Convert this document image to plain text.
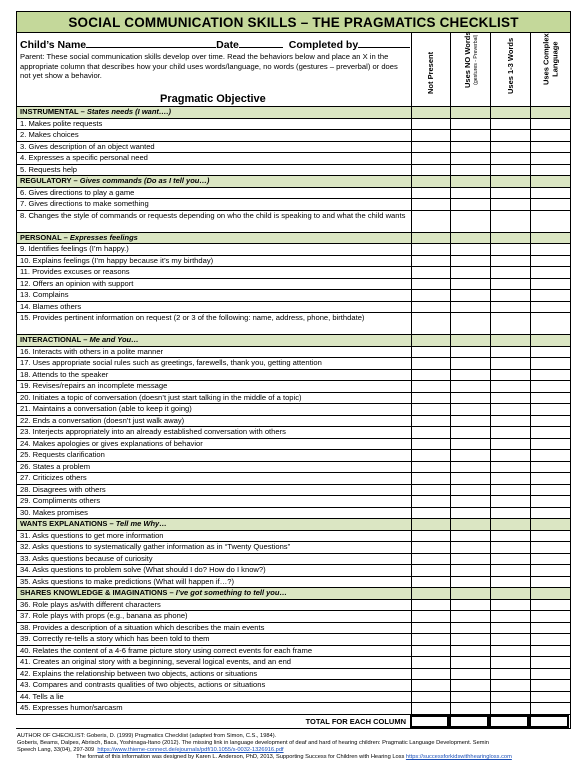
SOCIAL COMMUNICATION SKILLS – THE PRAGMATICS CHECKLIST
Child’s Name	Date	Completed by
Parent: These social communication skills develop over time. Read the behaviors below and place an X in the appropriate column that describes how your child uses words/language, no words (gestures – preverbal) or does not yet show a behavior.
Pragmatic Objective
Not Present	Uses NO Words (gestures - Preverbal)	Uses 1-3 Words	Uses Complex Language
INSTRUMENTAL – States needs (I want….)
1. Makes polite requests
2. Makes choices
3. Gives description of an object wanted
4. Expresses a specific personal need
5. Requests help
REGULATORY – Gives commands (Do as I tell you…)
6. Gives directions to play a game
7. Gives directions to make something
8. Changes the style of commands or requests depending on who the child is speaking to and what the child wants
PERSONAL – Expresses feelings
9. Identifies feelings (I’m happy.)
10. Explains feelings (I’m happy because it’s my birthday)
11. Provides excuses or reasons
12. Offers an opinion with support
13. Complains
14. Blames others
15. Provides pertinent information on request (2 or 3 of the following: name, address, phone, birthdate)
INTERACTIONAL – Me and You…
16. Interacts with others in a polite manner
17. Uses appropriate social rules such as greetings, farewells, thank you, getting attention
18. Attends to the speaker
19. Revises/repairs an incomplete message
20. Initiates a topic of conversation (doesn’t just start talking in the middle of a topic)
21. Maintains a conversation (able to keep it going)
22. Ends a conversation (doesn’t just walk away)
23. Interjects appropriately into an already established conversation with others
24. Makes apologies or gives explanations of behavior
25. Requests clarification
26. States a problem
27. Criticizes others
28. Disagrees with others
29. Compliments others
30. Makes promises
WANTS EXPLANATIONS – Tell me Why…
31. Asks questions to get more information
32. Asks questions to systematically gather information as in “Twenty Questions”
33. Asks questions because of curiosity
34. Asks questions to problem solve (What should I do? How do I know?)
35. Asks questions to make predictions (What will happen if…?)
SHARES KNOWLEDGE & IMAGINATIONS – I’ve got something to tell you…
36. Role plays as/with different characters
37. Role plays with props (e.g., banana as phone)
38. Provides a description of a situation which describes the main events
39. Correctly re-tells a story which has been told to them
40. Relates the content of a 4-6 frame picture story using correct events for each frame
41. Creates an original story with a beginning, several logical events, and an end
42. Explains the relationship between two objects, actions or situations
43. Compares and contrasts qualities of two objects, actions or situations
44. Tells a lie
45. Expresses humor/sarcasm
TOTAL FOR EACH COLUMN
AUTHOR OF CHECKLIST: Goberis, D. (1999) Pragmatics Checklist (adapted from Simon, C.S., 1984).
Goberis, Beams, Dalpes, Abrisch, Baca, Yoshinaga-Itano (2012). The missing link in language development of deaf and hard of hearing children: Pragmatic Language Development. Semin
Speech Lang, 33(04), 297-309 https://www.thieme-connect.de/ejournals/pdf/10.1055/s-0032-1326916.pdf
The format of this information was designed by Karen L. Anderson, PhD, 2013, Supporting Success for Children with Hearing Loss https://successforkidswithhearingloss.com
